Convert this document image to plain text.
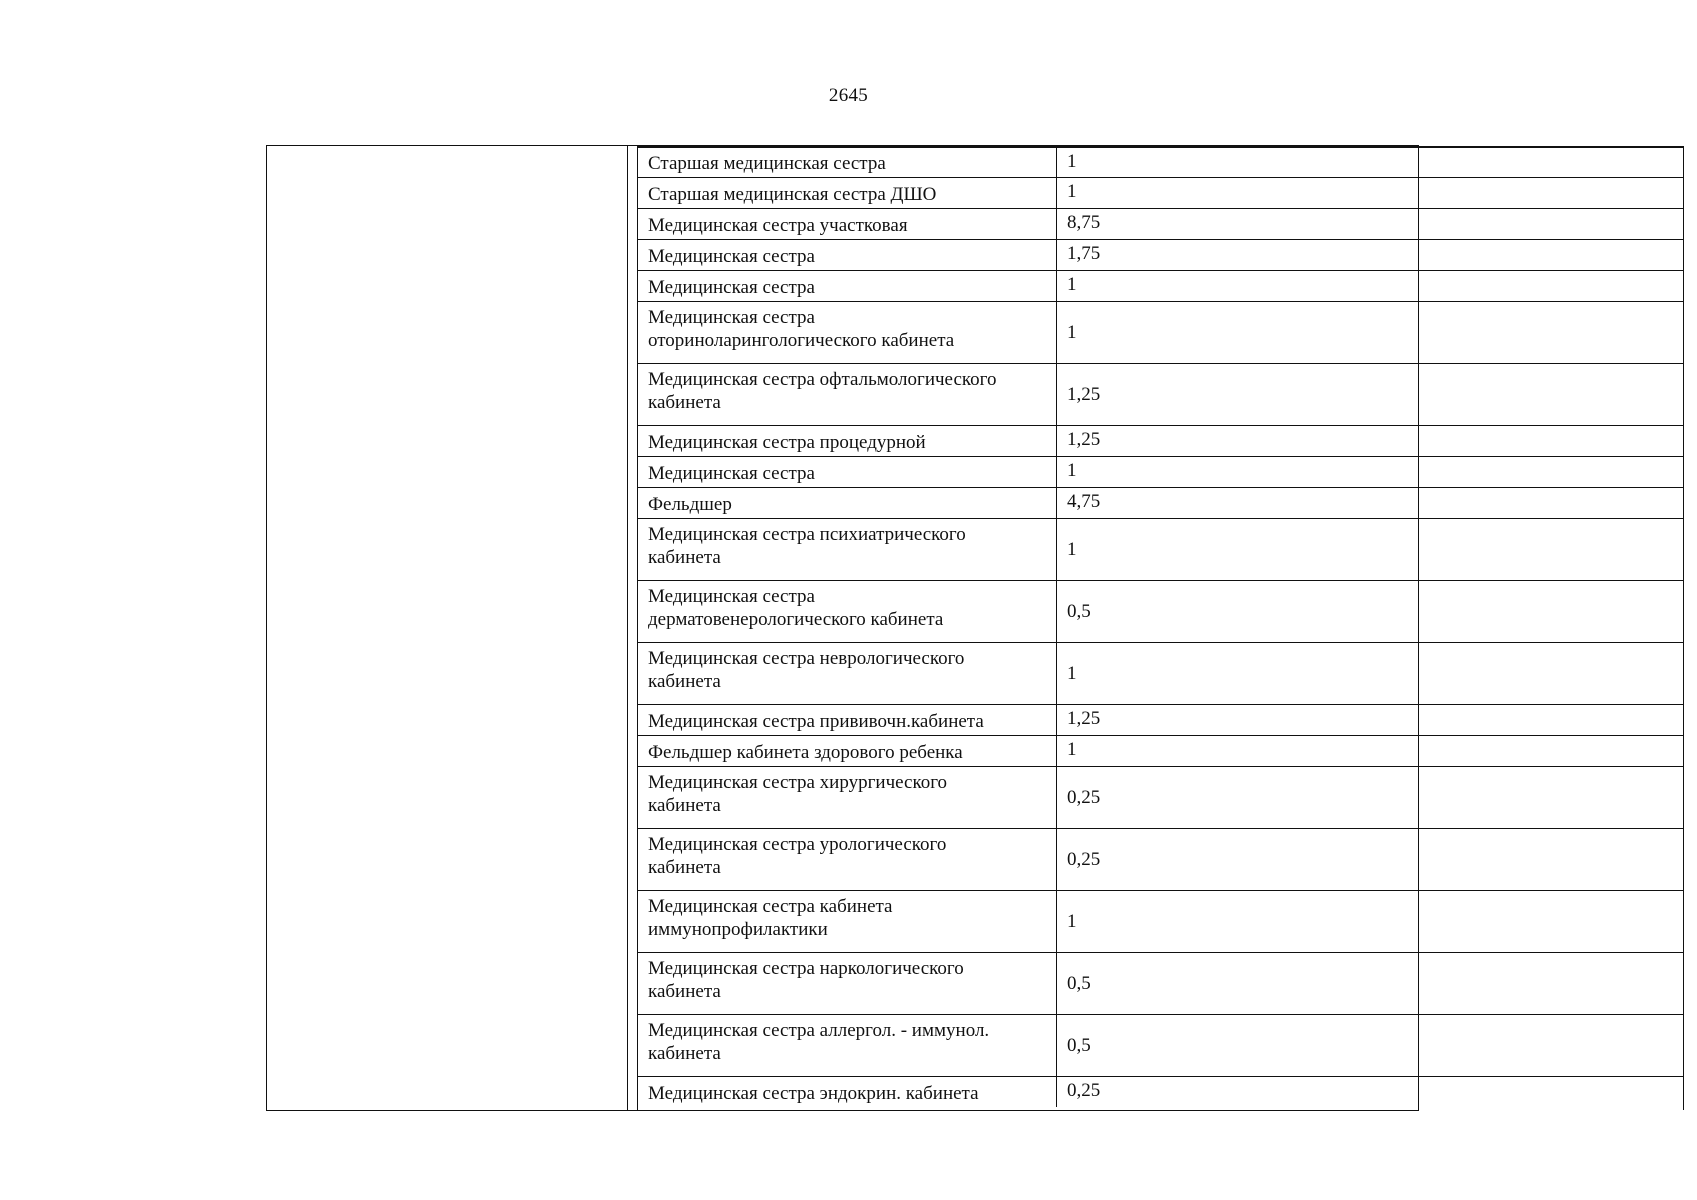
2645
Старшая медицинская сестра	1
Старшая медицинская сестра ДШО	1
Медицинская сестра участковая	8,75
Медицинская сестра	1,75
Медицинская сестра	1
Медицинская сестра
оториноларингологического кабинета	1
Медицинская сестра офтальмологического
кабинета	1,25
Медицинская сестра процедурной	1,25
Медицинская сестра	1
Фельдшер	4,75
Медицинская сестра психиатрического
кабинета	1
Медицинская сестра
дерматовенерологического кабинета	0,5
Медицинская сестра неврологического
кабинета	1
Медицинская сестра прививочн.кабинета	1,25
Фельдшер кабинета здорового ребенка	1
Медицинская сестра хирургического
кабинета	0,25
Медицинская сестра урологического
кабинета	0,25
Медицинская сестра кабинета
иммунопрофилактики	1
Медицинская сестра наркологического
кабинета	0,5
Медицинская сестра аллергол. - иммунол.
кабинета	0,5
Медицинская сестра эндокрин. кабинета	0,25
